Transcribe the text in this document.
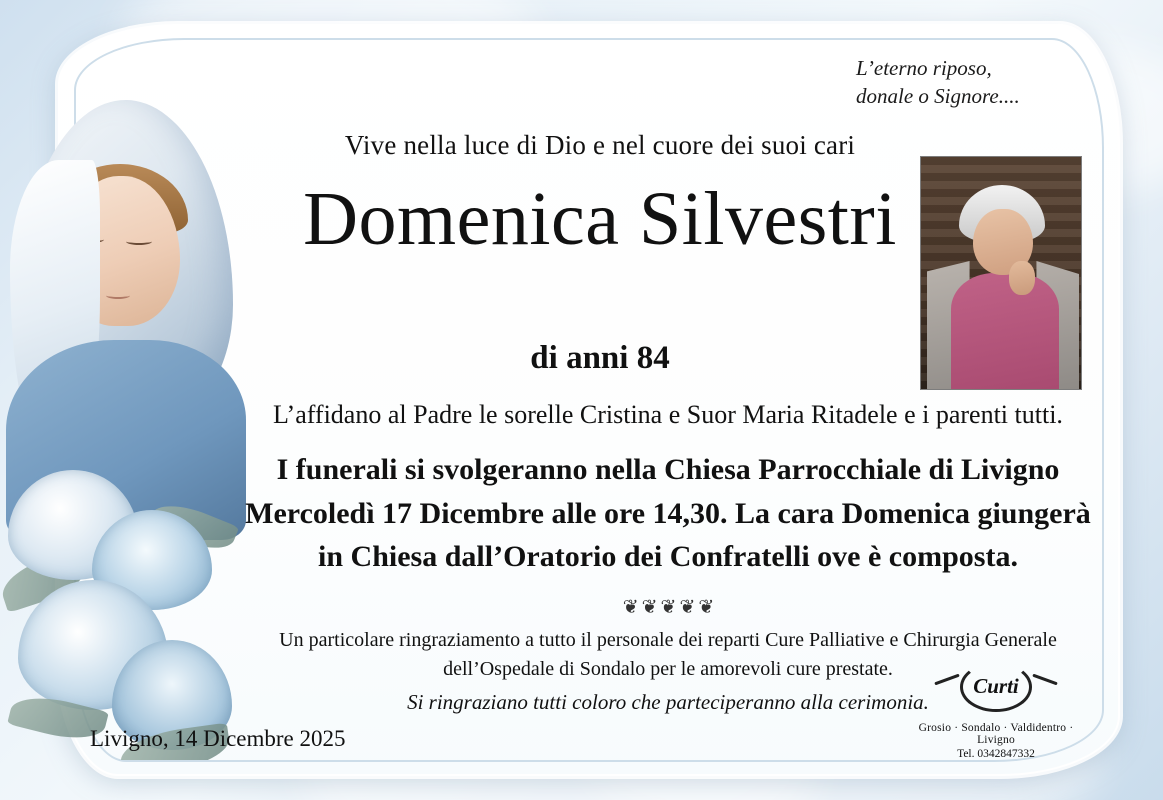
L’eterno riposo,
donale o Signore....
Vive nella luce di Dio e nel cuore dei suoi cari
Domenica Silvestri
di anni 84
L’affidano al Padre le sorelle Cristina e Suor Maria Ritadele e i parenti tutti.
I funerali si svolgeranno nella Chiesa Parrocchiale di Livigno
Mercoledì 17 Dicembre alle ore 14,30. La cara Domenica giungerà
in Chiesa dall’Oratorio dei Confratelli ove è composta.
❦❦❦❦❦
Un particolare ringraziamento a tutto il personale dei reparti Cure Palliative e Chirurgia Generale
dell’Ospedale di Sondalo per le amorevoli cure prestate.
Si ringraziano tutti coloro che parteciperanno alla cerimonia.
Livigno, 14 Dicembre 2025
Curti
Grosio · Sondalo · Valdidentro · Livigno
Tel. 0342847332
